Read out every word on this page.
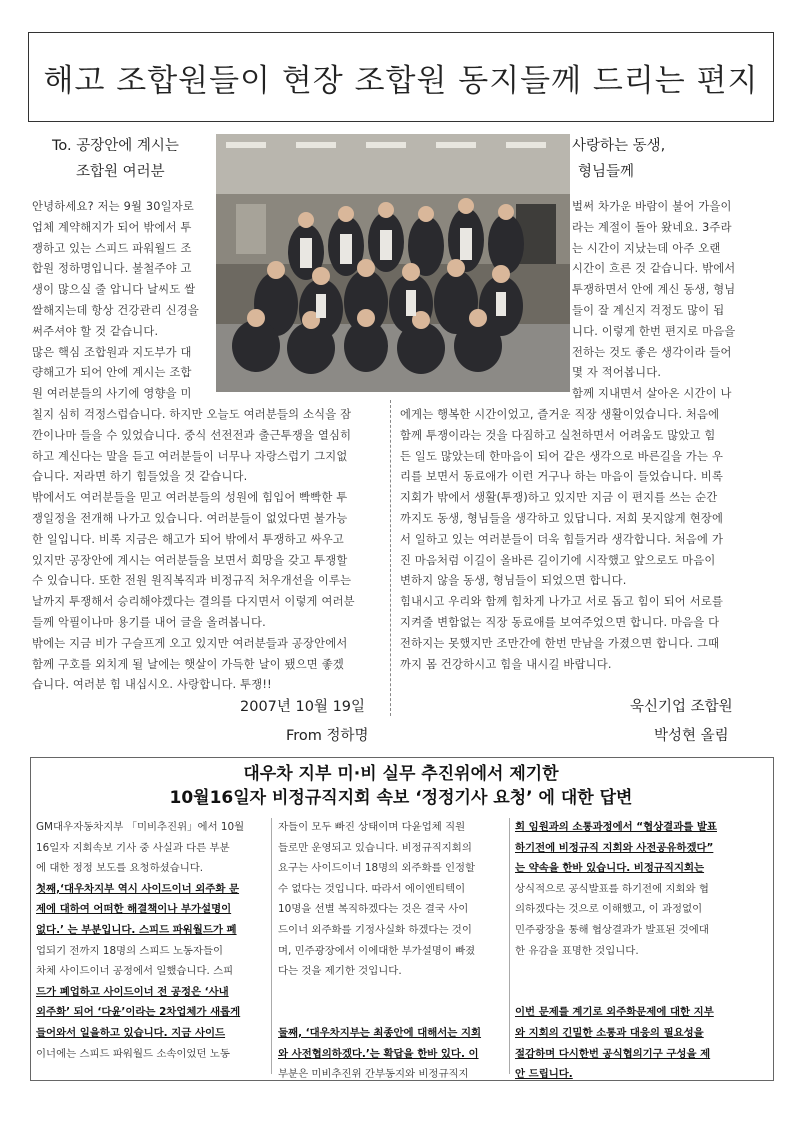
해고 조합원들이 현장 조합원 동지들께 드리는 편지
To. 공장안에 계시는
조합원 여러분
사랑하는 동생,
형님들께
안녕하세요? 저는 9월 30일자로
업체 계약해지가 되어 밖에서 투
쟁하고 있는 스피드 파워월드 조
합원 정하명입니다. 불철주야 고
생이 많으실 줄 압니다 날씨도 쌀
쌀해지는데 항상 건강관리 신경을
써주셔야 할 것 같습니다.
많은 핵심 조합원과 지도부가 대
량해고가 되어 안에 계시는 조합
원 여러분들의 사기에 영향을 미
칠지 심히 걱정스럽습니다. 하지만 오늘도 여러분들의 소식을 잠
깐이나마 들을 수 있었습니다. 중식 선전전과 출근투쟁을 열심히
하고 계신다는 말을 듣고 여러분들이 너무나 자랑스럽기 그지없
습니다. 저라면 하기 힘들었을 것 같습니다.
밖에서도 여러분들을 믿고 여러분들의 성원에 힘입어 빡빡한 투
쟁일정을 전개해 나가고 있습니다. 여러분들이 없었다면 불가능
한 일입니다. 비록 지금은 해고가 되어 밖에서 투쟁하고 싸우고
있지만 공장안에 계시는 여러분들을 보면서 희망을 갖고 투쟁할
수 있습니다. 또한 전원 원직복직과 비정규직 처우개선을 이루는
날까지 투쟁해서 승리해야겠다는 결의를 다지면서 이렇게 여러분
들께 악필이나마 용기를 내어 글을 올려봅니다.
밖에는 지금 비가 구슬프게 오고 있지만 여러분들과 공장안에서
함께 구호를 외치게 될 날에는 햇살이 가득한 날이 됐으면 좋겠
습니다. 여러분 힘 내십시오. 사랑합니다. 투쟁!!
2007년 10월 19일
From 정하명
벌써 차가운 바람이 불어 가을이
라는 계절이 돌아 왔네요. 3주라
는 시간이 지났는데 아주 오랜
시간이 흐른 것 같습니다. 밖에서
투쟁하면서 안에 계신 동생, 형님
들이 잘 계신지 걱정도 많이 됩
니다. 이렇게 한번 편지로 마음을
전하는 것도 좋은 생각이라 들어
몇 자 적어봅니다.
함께 지내면서 살아온 시간이 나
에게는 행복한 시간이었고, 즐거운 직장 생활이었습니다. 처음에
함께 투쟁이라는 것을 다짐하고 실천하면서 어려움도 많았고 힘
든 일도 많았는데 한마음이 되어 같은 생각으로 바른길을 가는 우
리를 보면서 동료애가 이런 거구나 하는 마음이 들었습니다. 비록
지회가 밖에서 생활(투쟁)하고 있지만 지금 이 편지를 쓰는 순간
까지도 동생, 형님들을 생각하고 있답니다. 저희 못지않게 현장에
서 일하고 있는 여러분들이 더욱 힘들거라 생각합니다. 처음에 가
진 마음처럼 이길이 올바른 길이기에 시작했고 앞으로도 마음이
변하지 않을 동생, 형님들이 되었으면 합니다.
힘내시고 우리와 함께 힘차게 나가고 서로 돕고 힘이 되어 서로를
지켜줄 변함없는 직장 동료애를 보여주었으면 합니다. 마음을 다
전하지는 못했지만 조만간에 한번 만남을 가졌으면 합니다. 그때
까지 몸 건강하시고 힘을 내시길 바랍니다.
욱신기업 조합원
박성현 올림
대우차 지부 미·비 실무 추진위에서 제기한
10월16일자 비정규직지회 속보 ‘정정기사 요청’ 에 대한 답변
GM대우자동차지부 「미비추진위」에서 10월
16일자 지회속보 기사 중 사실과 다른 부분
에 대한 정정 보도를 요청하셨습니다.
첫째,‘대우차지부 역시 사이드이너 외주화 문
제에 대하여 어떠한 해결책이나 부가설명이
없다.’ 는 부분입니다. 스피드 파워월드가 폐
업되기 전까지 18명의 스피드 노동자들이
차체 사이드이너 공정에서 일했습니다. 스피
드가 폐업하고 사이드이너 전 공정은 ‘사내
외주화’ 되어 ‘다윤’이라는 2차업체가 새롭게
들어와서 일을하고 있습니다. 지금 사이드
이너에는 스피드 파워월드 소속이었던 노동
자들이 모두 빠진 상태이며 다윤업체 직원
들로만 운영되고 있습니다. 비정규직지회의
요구는 사이드이너 18명의 외주화를 인정할
수 없다는 것입니다. 따라서 에이엔티텍이
10명을 선별 복직하겠다는 것은 결국 사이
드이너 외주화를 기정사실화 하겠다는 것이
며, 민주광장에서 이에대한 부가설명이 빠졌
다는 것을 제기한 것입니다.
둘째, ‘대우차지부는 최종안에 대해서는 지회
와 사전협의하겠다.’는 확답을 한바 있다. 이
부분은 미비추진위 간부동지와 비정규직지
회 임원과의 소통과정에서 “협상결과를 발표
하기전에 비정규직 지회와 사전공유하겠다”
는 약속을 한바 있습니다. 비정규직지회는
상식적으로 공식발표를 하기전에 지회와 협
의하겠다는 것으로 이해했고, 이 과정없이
민주광장을 통해 협상결과가 발표된 것에대
한 유감을 표명한 것입니다.
이번 문제를 계기로 외주화문제에 대한 지부
와 지회의 긴밀한 소통과 대응의 필요성을
절감하며 다시한번 공식협의기구 구성을 제
안 드립니다.
